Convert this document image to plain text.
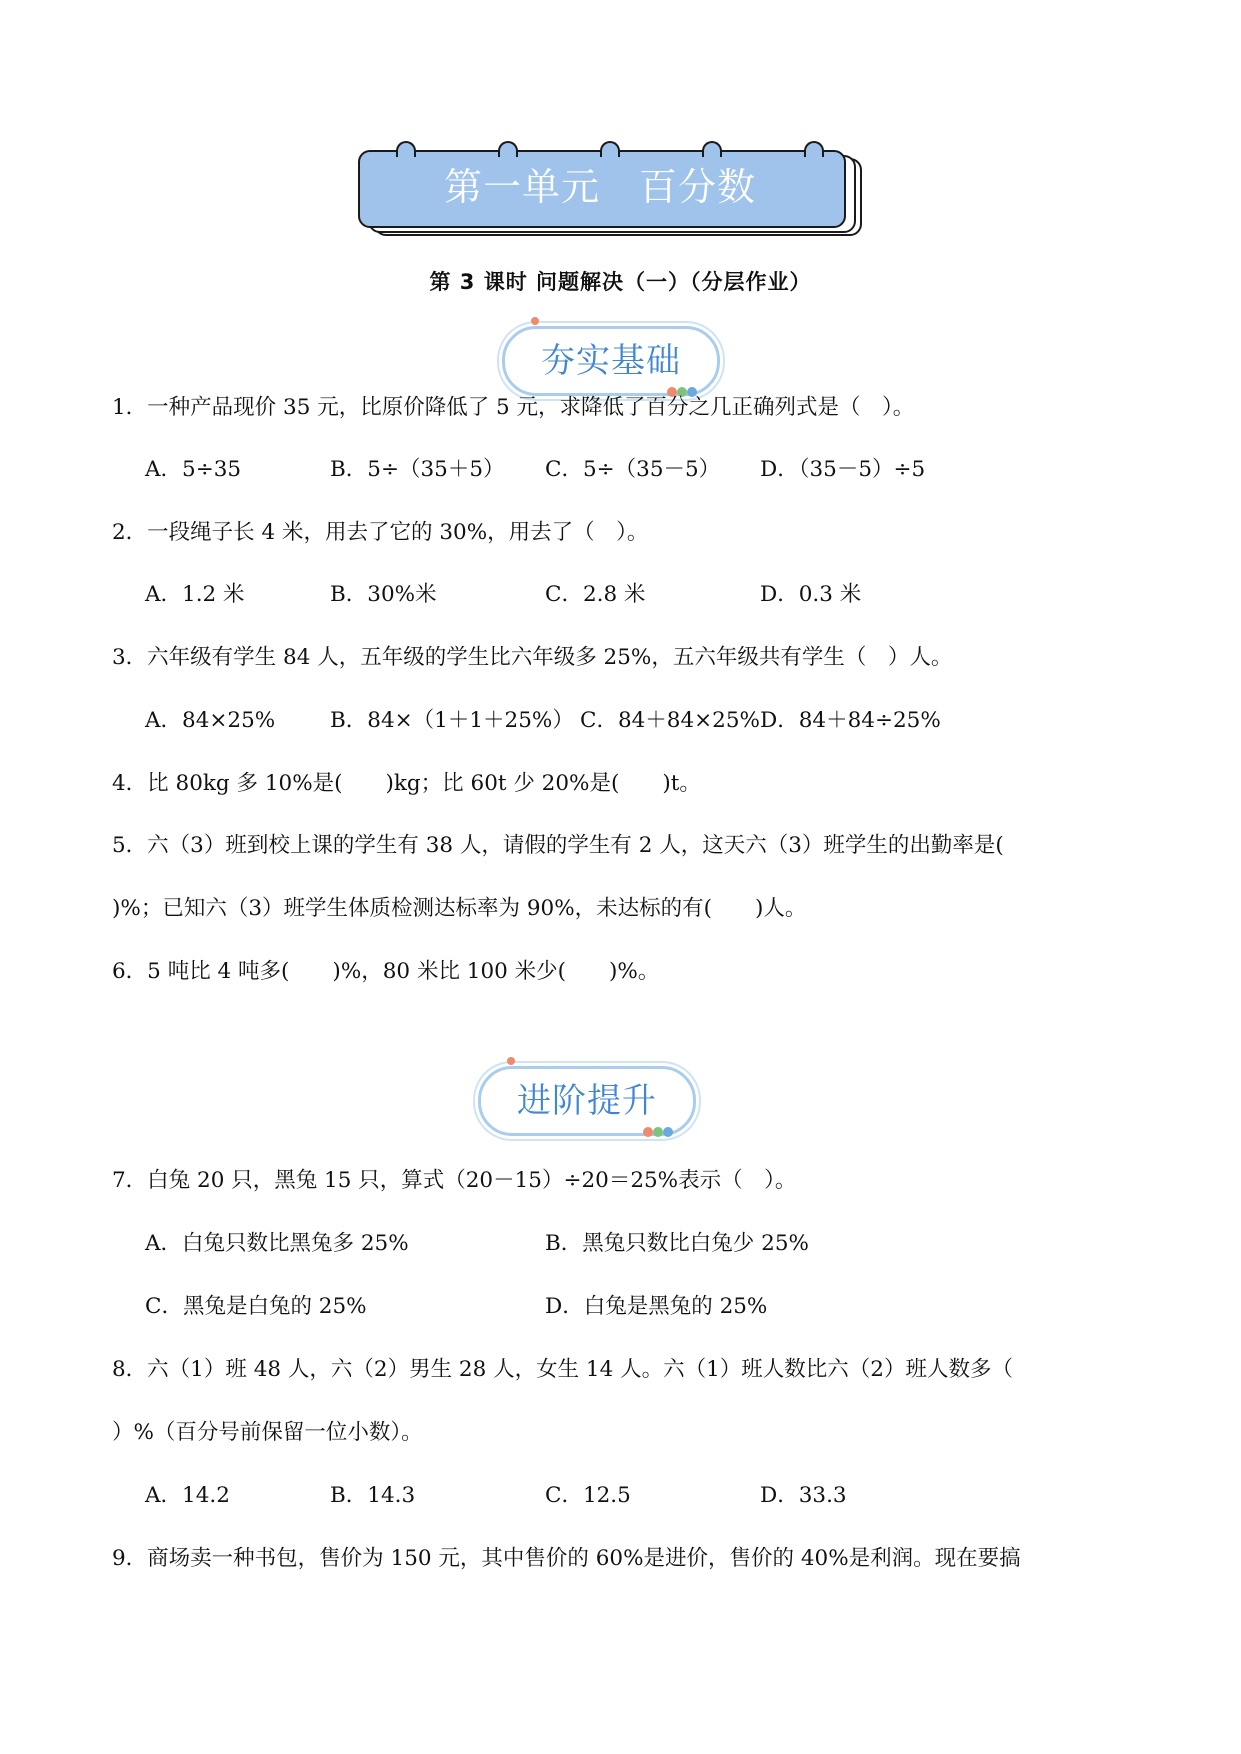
第一单元　百分数
第 3 课时 问题解决（一）（分层作业）
夯实基础
1．一种产品现价 35 元，比原价降低了 5 元，求降低了百分之几正确列式是（　）。
A．5÷35	B．5÷（35＋5） C．5÷（35－5） D．（35－5）÷5
2．一段绳子长 4 米，用去了它的 30%，用去了（　）。
A．1.2 米	B．30%米	C．2.8 米	D．0.3 米
3．六年级有学生 84 人，五年级的学生比六年级多 25%，五六年级共有学生（　）人。
A．84×25%	B．84×（1＋1＋25%） C．84＋84×25% D．84＋84÷25%
4．比 80kg 多 10%是(　　)kg；比 60t 少 20%是(　　)t。
5．六（3）班到校上课的学生有 38 人，请假的学生有 2 人，这天六（3）班学生的出勤率是(
)%；已知六（3）班学生体质检测达标率为 90%，未达标的有(　　)人。
6．5 吨比 4 吨多(　　)%，80 米比 100 米少(　　)%。
进阶提升
7．白兔 20 只，黑兔 15 只，算式（20－15）÷20＝25%表示（　）。
A．白兔只数比黑兔多 25%	B．黑兔只数比白兔少 25%
C．黑兔是白兔的 25%	D．白兔是黑兔的 25%
8．六（1）班 48 人，六（2）男生 28 人，女生 14 人。六（1）班人数比六（2）班人数多（
）%（百分号前保留一位小数）。
A．14.2	B．14.3	C．12.5	D．33.3
9．商场卖一种书包，售价为 150 元，其中售价的 60%是进价，售价的 40%是利润。现在要搞
